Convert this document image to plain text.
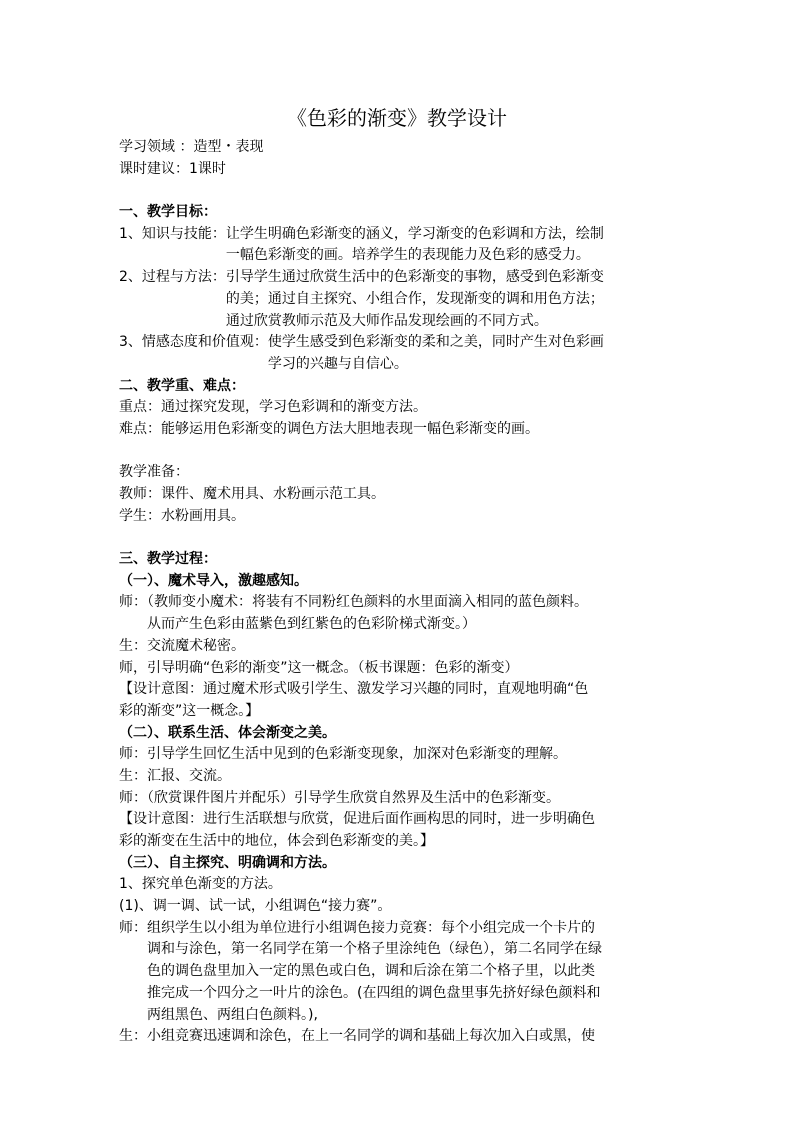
《色彩的渐变》教学设计
学习领域 ：造型・表现
课时建议：1课时
一、教学目标：
1、知识与技能： 让学生明确色彩渐变的涵义，学习渐变的色彩调和方法，绘制
一幅色彩渐变的画。培养学生的表现能力及色彩的感受力。
2、过程与方法： 引导学生通过欣赏生活中的色彩渐变的事物，感受到色彩渐变
的美；通过自主探究、小组合作，发现渐变的调和用色方法；
通过欣赏教师示范及大师作品发现绘画的不同方式。
3、情感态度和价值观： 使学生感受到色彩渐变的柔和之美，同时产生对色彩画
学习的兴趣与自信心。
二、教学重、难点：
重点：通过探究发现，学习色彩调和的渐变方法。
难点：能够运用色彩渐变的调色方法大胆地表现一幅色彩渐变的画。
教学准备：
教师：课件、魔术用具、水粉画示范工具。
学生：水粉画用具。
三、教学过程：
（一）、魔术导入，激趣感知。
师：（教师变小魔术：将装有不同粉红色颜料的水里面滴入相同的蓝色颜料。
从而产生色彩由蓝紫色到红紫色的色彩阶梯式渐变。）
生：交流魔术秘密。
师，引导明确“色彩的渐变”这一概念。（板书课题：色彩的渐变）
【设计意图：通过魔术形式吸引学生、激发学习兴趣的同时，直观地明确“色
彩的渐变”这一概念。】
（二）、联系生活、体会渐变之美。
师：引导学生回忆生活中见到的色彩渐变现象，加深对色彩渐变的理解。
生：汇报、交流。
师：（欣赏课件图片并配乐）引导学生欣赏自然界及生活中的色彩渐变。
【设计意图：进行生活联想与欣赏，促进后面作画构思的同时，进一步明确色
彩的渐变在生活中的地位，体会到色彩渐变的美。】
（三）、自主探究、明确调和方法。
1、探究单色渐变的方法。
(1)、调一调、试一试，小组调色“接力赛”。
师：组织学生以小组为单位进行小组调色接力竞赛：每个小组完成一个卡片的
调和与涂色，第一名同学在第一个格子里涂纯色（绿色），第二名同学在绿
色的调色盘里加入一定的黑色或白色，调和后涂在第二个格子里，以此类
推完成一个四分之一叶片的涂色。(在四组的调色盘里事先挤好绿色颜料和
两组黑色、两组白色颜料。),
生：小组竞赛迅速调和涂色，在上一名同学的调和基础上每次加入白或黑，使
